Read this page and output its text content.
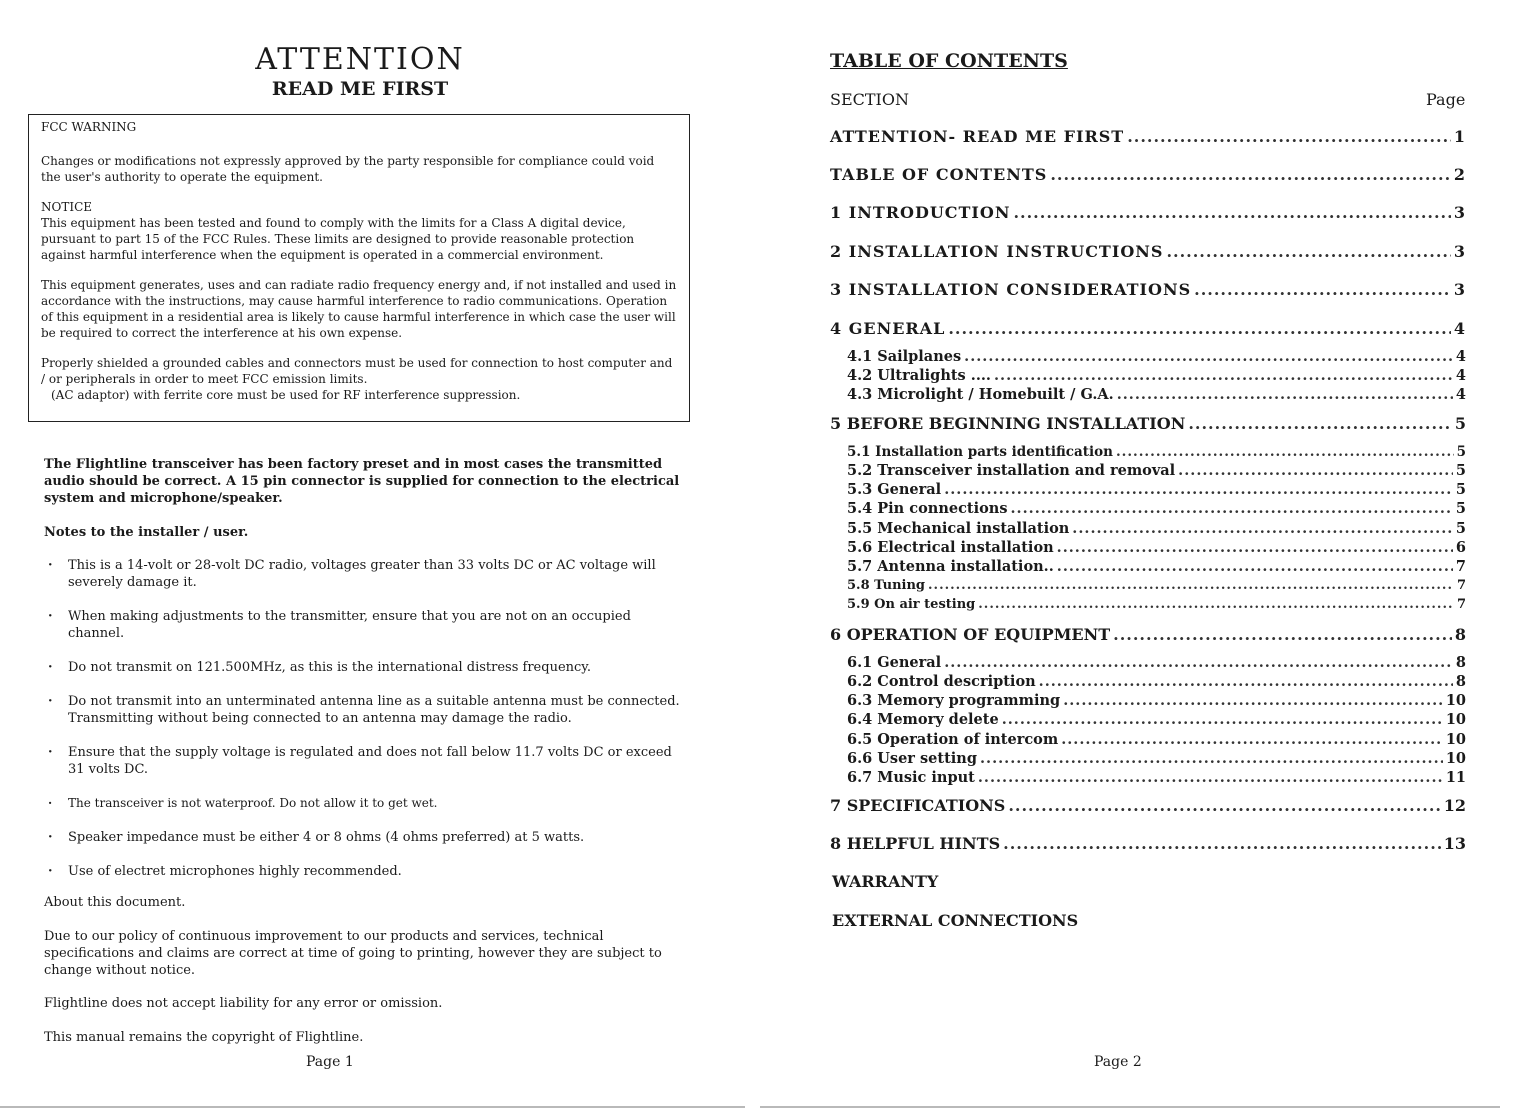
ATTENTION
READ ME FIRST

FCC WARNING

Changes or modifications not expressly approved by the party responsible for compliance could void the user's authority to operate the equipment.

NOTICE

This equipment has been tested and found to comply with the limits for a Class A digital device, pursuant to part 15 of the FCC Rules. These limits are designed to provide reasonable protection against harmful interference when the equipment is operated in a commercial environment.

This equipment generates, uses and can radiate radio frequency energy and, if not installed and used in accordance with the instructions, may cause harmful interference to radio communications. Operation of this equipment in a residential area is likely to cause harmful interference in which case the user will be required to correct the interference at his own expense.

Properly shielded a grounded cables and connectors must be used for connection to host computer and / or peripherals in order to meet FCC emission limits.

(AC adaptor) with ferrite core must be used for RF interference suppression.

The Flightline transceiver has been factory preset and in most cases the transmitted audio should be correct. A 15 pin connector is supplied for connection to the electrical system and microphone/speaker.
Notes to the installer / user.
· This is a 14-volt or 28-volt DC radio, voltages greater than 33 volts DC or AC voltage will severely damage it.
· When making adjustments to the transmitter, ensure that you are not on an occupied channel.
· Do not transmit on 121.500MHz, as this is the international distress frequency.
· Do not transmit into an unterminated antenna line as a suitable antenna must be connected. Transmitting without being connected to an antenna may damage the radio.
· Ensure that the supply voltage is regulated and does not fall below 11.7 volts DC or exceed 31 volts DC.
· The transceiver is not waterproof. Do not allow it to get wet.
· Speaker impedance must be either 4 or 8 ohms (4 ohms preferred) at 5 watts.
· Use of electret microphones highly recommended.
About this document.
Due to our policy of continuous improvement to our products and services, technical specifications and claims are correct at time of going to printing, however they are subject to change without notice.
Flightline does not accept liability for any error or omission.
This manual remains the copyright of Flightline.
Page 1
TABLE OF CONTENTS
SECTION	Page
ATTENTION- READ ME FIRST .....	1
TABLE OF CONTENTS .....	2
1 INTRODUCTION .....	3
2 INSTALLATION INSTRUCTIONS .....	3
3 INSTALLATION CONSIDERATIONS .....	3
4 GENERAL .....	4
4.1 Sailplanes .....	4
4.2 Ultralights .... .....	4
4.3 Microlight / Homebuilt / G.A. .....	4
5 BEFORE BEGINNING INSTALLATION .....	5
5.1 Installation parts identification .....	5
5.2 Transceiver installation and removal .....	5
5.3 General .....	5
5.4 Pin connections .....	5
5.5 Mechanical installation .....	5
5.6 Electrical installation .....	6
5.7 Antenna installation.. .....	7
5.8 Tuning .....	7
5.9 On air testing .....	7
6 OPERATION OF EQUIPMENT .....	8
6.1 General .....	8
6.2 Control description .....	8
6.3 Memory programming .....	10
6.4 Memory delete .....	10
6.5 Operation of intercom .....	10
6.6 User setting .....	10
6.7 Music input .....	11
7 SPECIFICATIONS .....	12
8 HELPFUL HINTS .....	13
WARRANTY
EXTERNAL CONNECTIONS
Page 2
